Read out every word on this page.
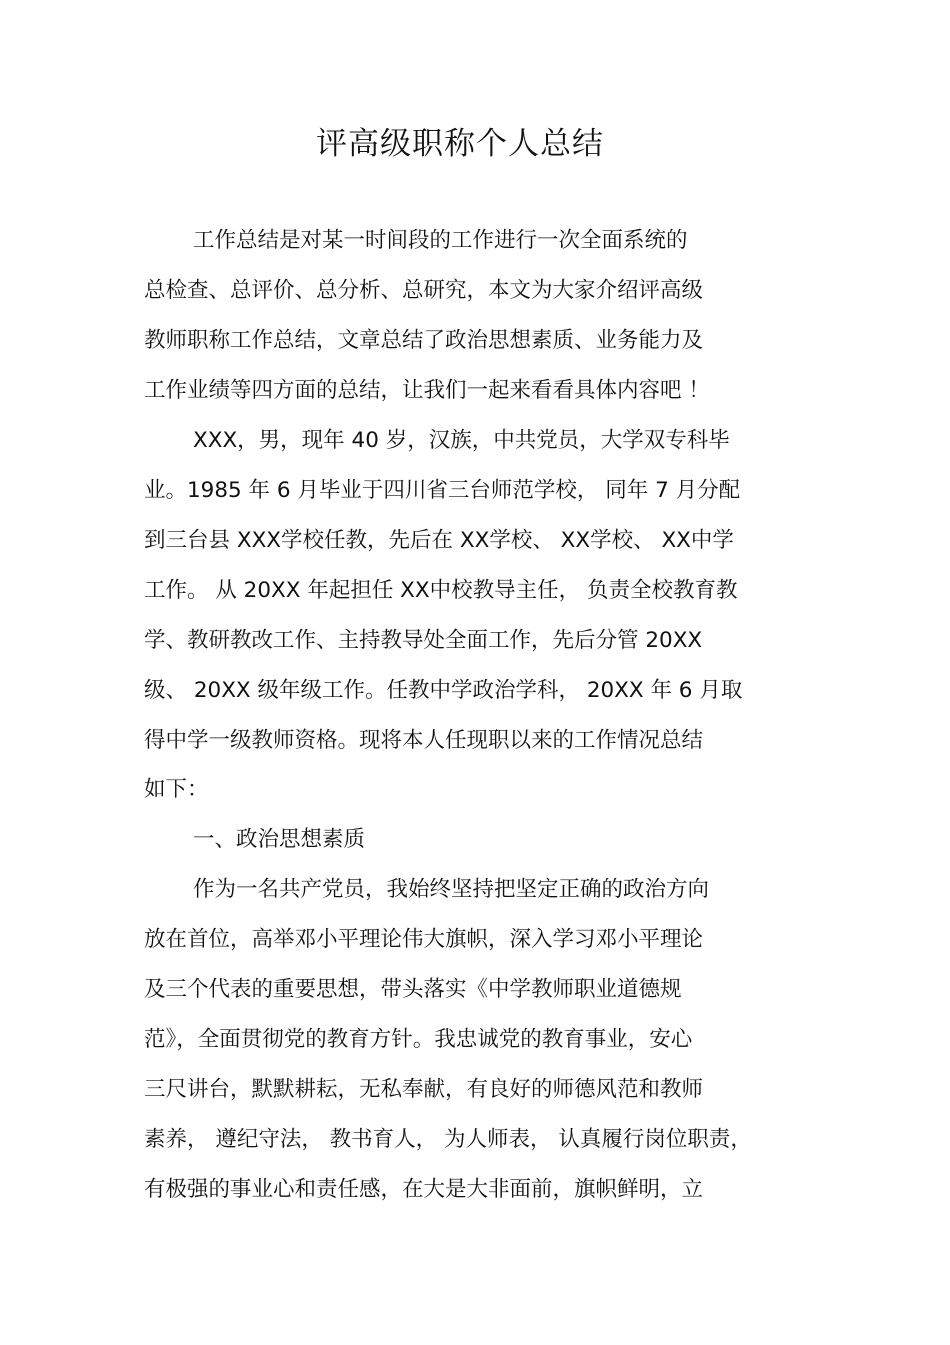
评高级职称个人总结
工作总结是对某一时间段的工作进行一次全面系统的
总检查、总评价、总分析、总研究，本文为大家介绍评高级
教师职称工作总结，文章总结了政治思想素质、业务能力及
工作业绩等四方面的总结，让我们一起来看看具体内容吧 ！
XXX，男，现年 40 岁，汉族，中共党员，大学双专科毕
业。1985 年 6 月毕业于四川省三台师范学校， 同年 7 月分配
到三台县 XXX学校任教，先后在 XX学校、 XX学校、 XX中学
工作。 从 20XX 年起担任 XX中校教导主任， 负责全校教育教
学、教研教改工作、主持教导处全面工作，先后分管 20XX
级、 20XX 级年级工作。任教中学政治学科， 20XX 年 6 月取
得中学一级教师资格。现将本人任现职以来的工作情况总结
如下：
一、政治思想素质
作为一名共产党员，我始终坚持把坚定正确的政治方向
放在首位，高举邓小平理论伟大旗帜，深入学习邓小平理论
及三个代表的重要思想，带头落实《中学教师职业道德规
范》，全面贯彻党的教育方针。我忠诚党的教育事业，安心
三尺讲台，默默耕耘，无私奉献，有良好的师德风范和教师
素养， 遵纪守法， 教书育人， 为人师表， 认真履行岗位职责，
有极强的事业心和责任感，在大是大非面前，旗帜鲜明，立
